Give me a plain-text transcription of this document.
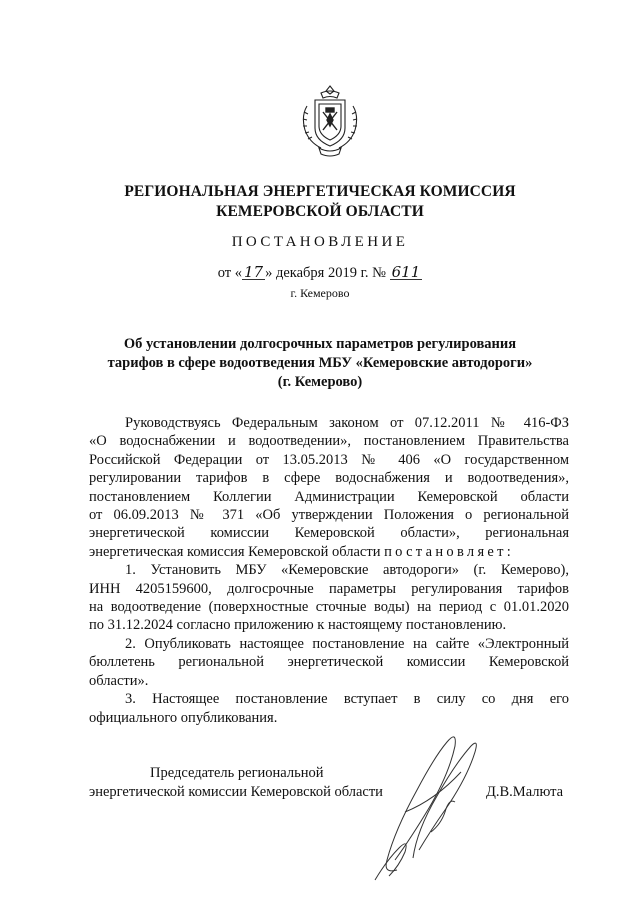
РЕГИОНАЛЬНАЯ ЭНЕРГЕТИЧЕСКАЯ КОМИССИЯ
КЕМЕРОВСКОЙ ОБЛАСТИ
ПОСТАНОВЛЕНИЕ
от « 17 » декабря 2019 г. № 611
г. Кемерово
Об установлении долгосрочных параметров регулирования
тарифов в сфере водоотведения МБУ «Кемеровские автодороги»
(г. Кемерово)

Руководствуясь Федеральным законом от 07.12.2011 № 416-ФЗ

«О водоснабжении и водоотведении», постановлением Правительства

Российской Федерации от 13.05.2013 № 406 «О государственном

регулировании тарифов в сфере водоснабжения и водоотведения»,

постановлением Коллегии Администрации Кемеровской области

от 06.09.2013 № 371 «Об утверждении Положения о региональной

энергетической комиссии Кемеровской области», региональная

энергетическая комиссия Кемеровской области постановляет:

1. Установить МБУ «Кемеровские автодороги» (г. Кемерово),

ИНН 4205159600, долгосрочные параметры регулирования тарифов

на водоотведение (поверхностные сточные воды) на период с 01.01.2020

по 31.12.2024 согласно приложению к настоящему постановлению.

2. Опубликовать настоящее постановление на сайте «Электронный

бюллетень региональной энергетической комиссии Кемеровской

области».

3. Настоящее постановление вступает в силу со дня его

официального опубликования.

Председатель региональной
энергетической комиссии Кемеровской области	Д.В.Малюта
